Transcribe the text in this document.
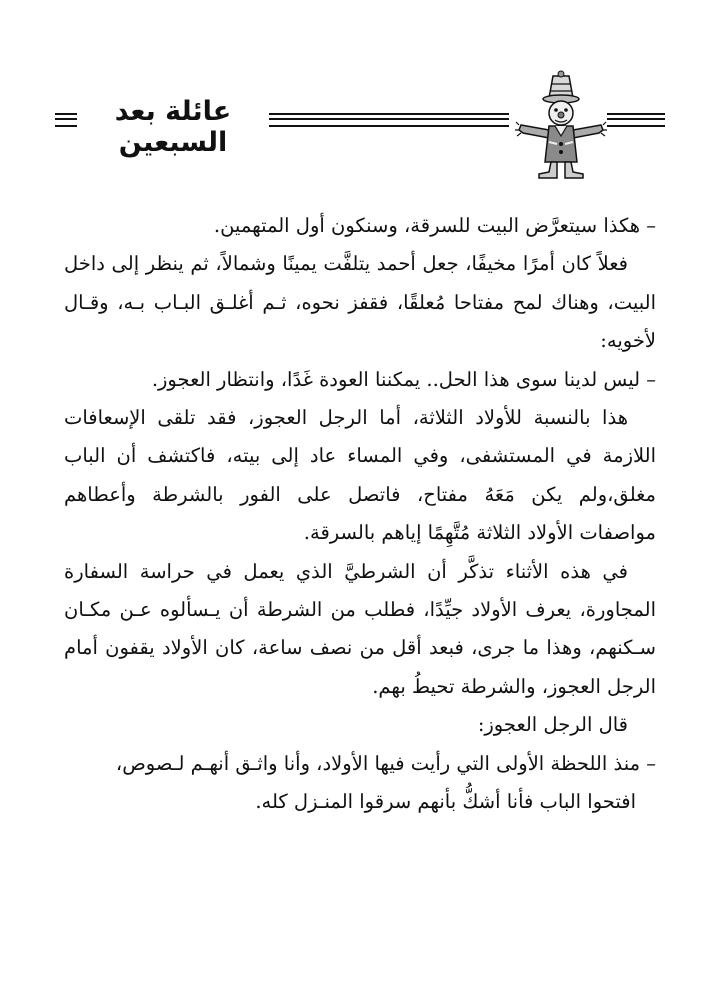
عائلة بعد السبعين

– هكذا سيتعرَّض البيت للسرقة، وسنكون أول المتهمين.

فعلاً كان أمرًا مخيفًا، جعل أحمد يتلفَّت يمينًا وشمالاً، ثم ينظر إلى داخل البيت، وهناك لمح مفتاحا مُعلقًا، فقفز نحوه، ثـم أغلـق البـاب بـه، وقـال لأخويه:

– ليس لدينا سوى هذا الحل.. يمكننا العودة غَدًا، وانتظار العجوز.

هذا بالنسبة للأولاد الثلاثة، أما الرجل العجوز، فقد تلقى الإسعافات اللازمة في المستشفى، وفي المساء عاد إلى بيته، فاكتشف أن الباب مغلق،ولم يكن مَعَهُ مفتاح، فاتصل على الفور بالشرطة وأعطاهم مواصفات الأولاد الثلاثة مُتَّهِمًا إياهم بالسرقة.

في هذه الأثناء تذكَّر أن الشرطيَّ الذي يعمل في حراسة السفارة المجاورة، يعرف الأولاد جيِّدًا، فطلب من الشرطة أن يـسألوه عـن مكـان سـكنهم، وهذا ما جرى، فبعد أقل من نصف ساعة، كان الأولاد يقفون أمام الرجل العجوز، والشرطة تحيطُ بهم.

قال الرجل العجوز:

– منذ اللحظة الأولى التي رأيت فيها الأولاد، وأنا واثـق أنهـم لـصوص،

افتحوا الباب فأنا أشكُّ بأنهم سرقوا المنـزل كله.
